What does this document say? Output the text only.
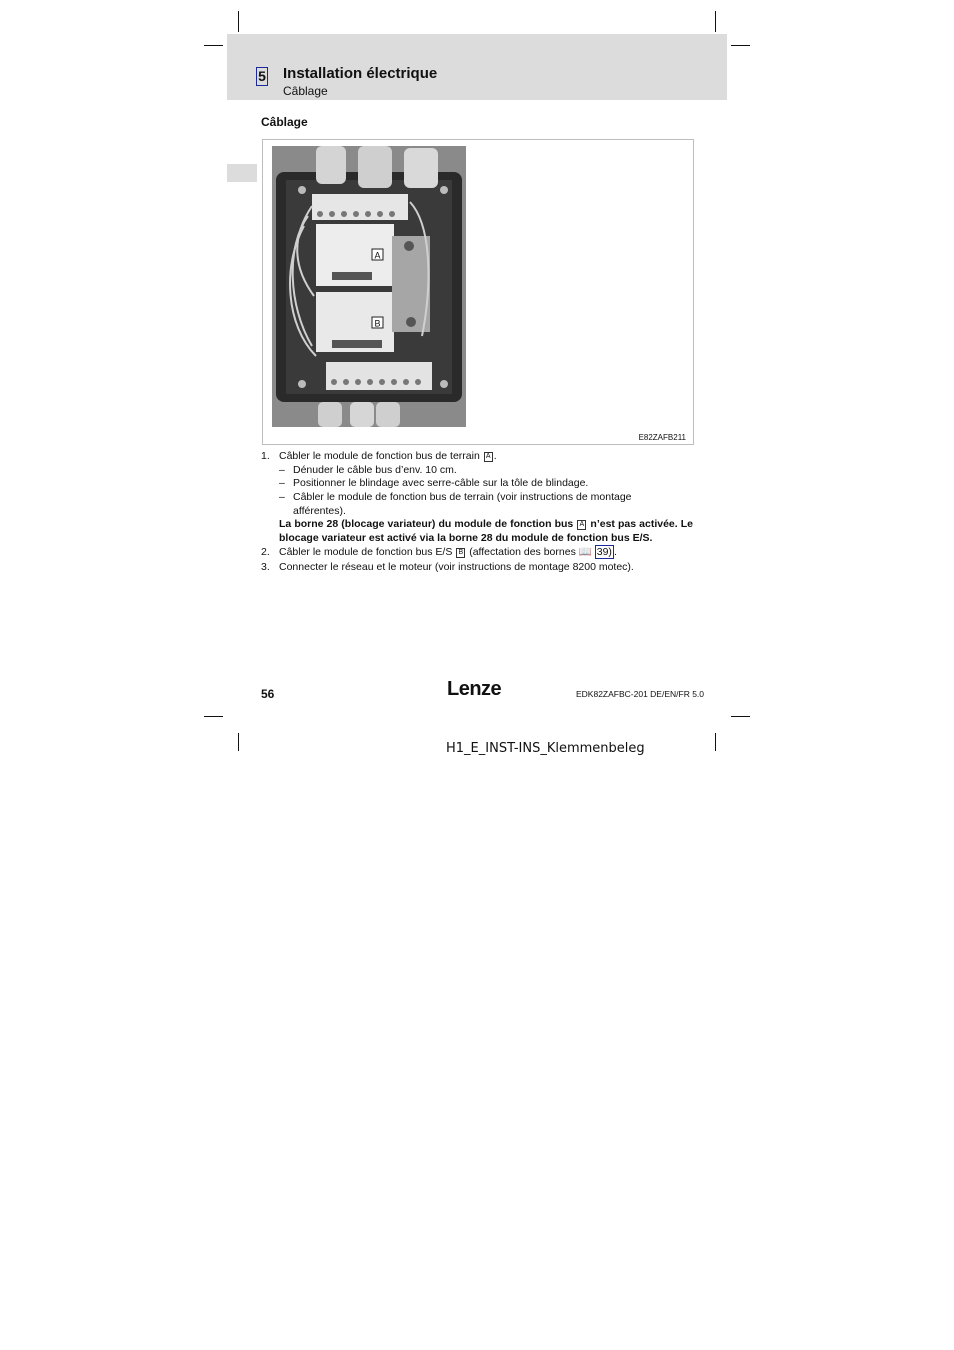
5 Installation électrique
Câblage
Câblage
A
B
E82ZAFB211
1. Câbler le module de fonction bus de terrain A .
– Dénuder le câble bus d’env. 10 cm.
– Positionner le blindage avec serre-câble sur la tôle de blindage.
– Câbler le module de fonction bus de terrain (voir instructions de montage afférentes).
La borne 28 (blocage variateur) du module de fonction bus A n’est pas activée. Le blocage variateur est activé via la borne 28 du module de fonction bus E/S.
2. Câbler le module de fonction bus E/S B (affectation des bornes 📖 39) .
3. Connecter le réseau et le moteur (voir instructions de montage 8200 motec).
56	Lenze	EDK82ZAFBC-201 DE/EN/FR 5.0
H1_E_INST-INS_Klemmenbeleg
